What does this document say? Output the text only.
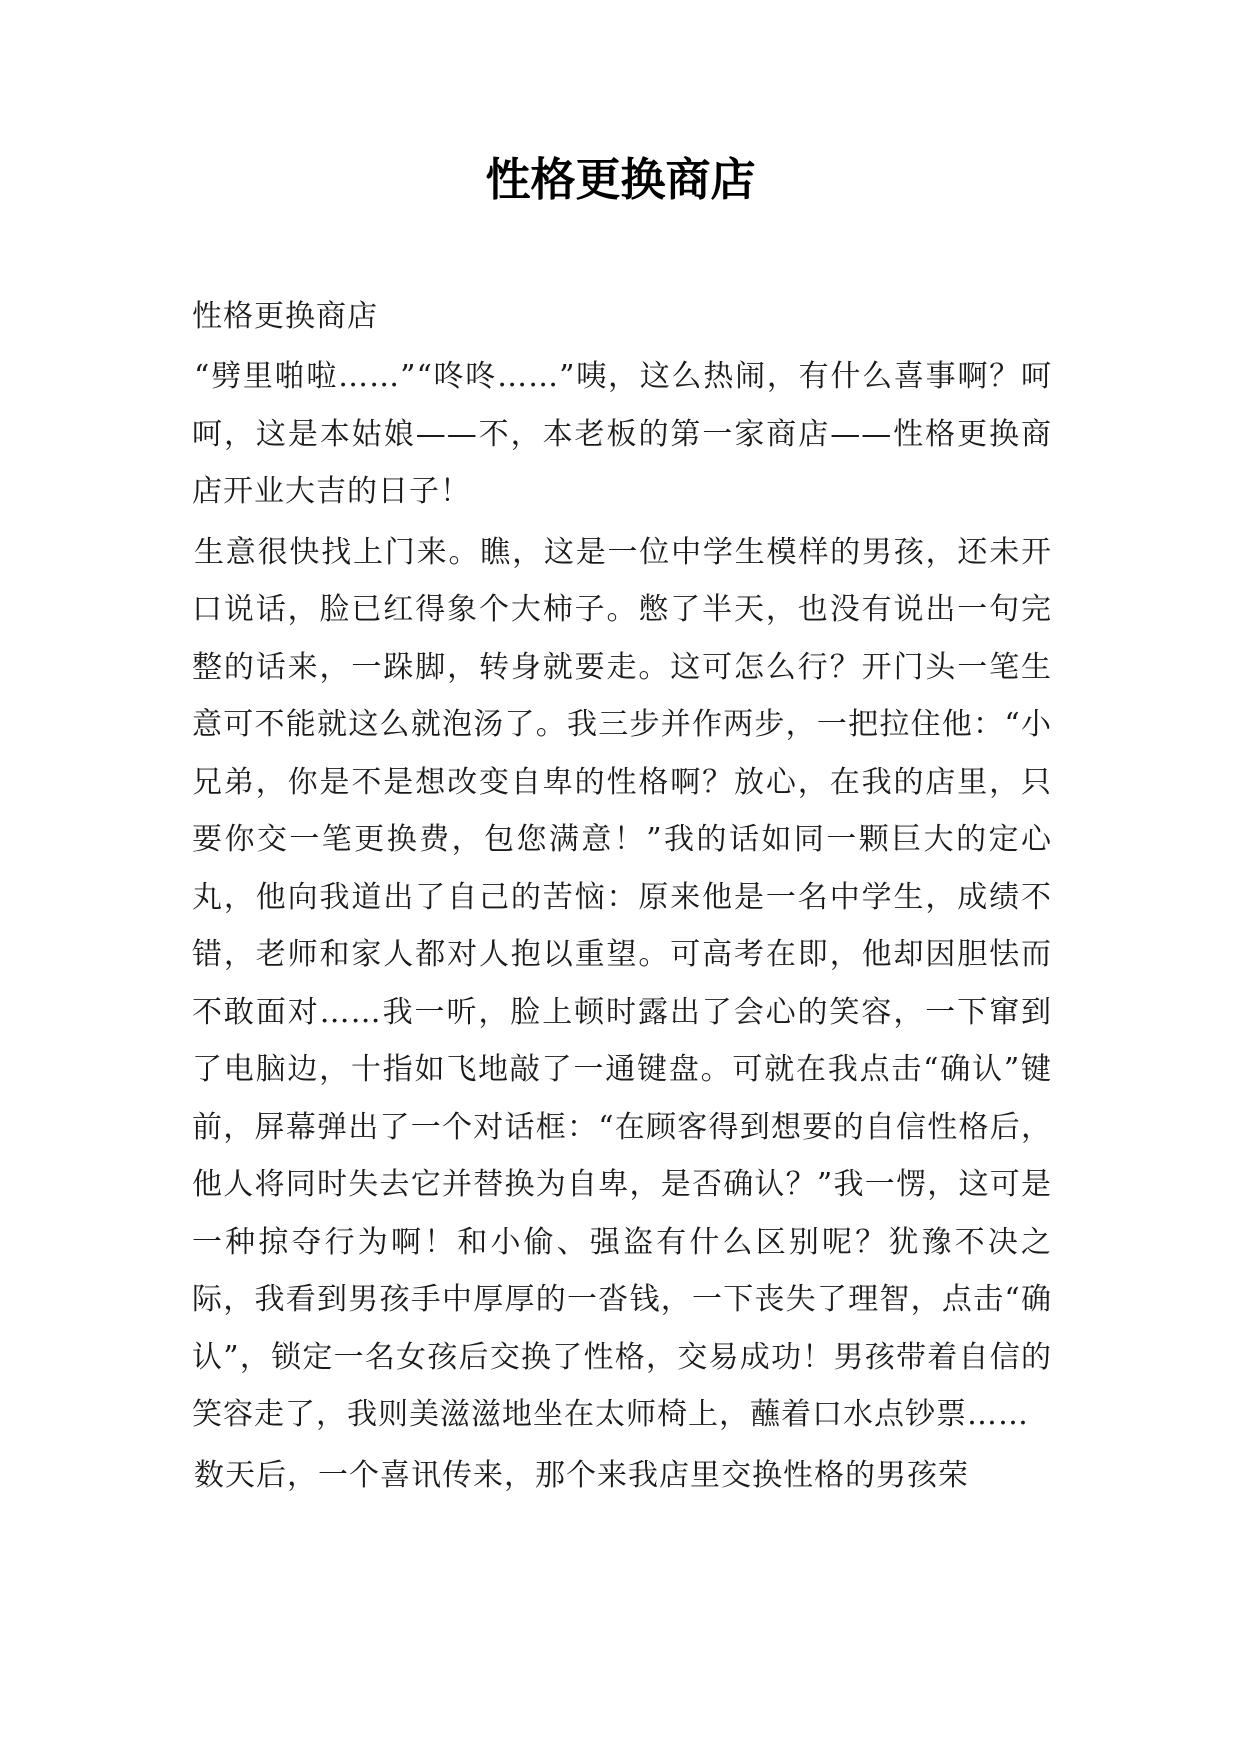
性格更换商店

性格更换商店

“劈里啪啦……”“咚咚……”咦，这么热闹，有什么喜事啊？呵呵，这是本姑娘——不，本老板的第一家商店——性格更换商店开业大吉的日子！

生意很快找上门来。瞧，这是一位中学生模样的男孩，还未开口说话，脸已红得象个大柿子。憋了半天，也没有说出一句完整的话来，一跺脚，转身就要走。这可怎么行？开门头一笔生意可不能就这么就泡汤了。我三步并作两步，一把拉住他：“小兄弟，你是不是想改变自卑的性格啊？放心，在我的店里，只要你交一笔更换费，包您满意！”我的话如同一颗巨大的定心丸，他向我道出了自己的苦恼：原来他是一名中学生，成绩不错，老师和家人都对人抱以重望。可高考在即，他却因胆怯而不敢面对……我一听，脸上顿时露出了会心的笑容，一下窜到了电脑边，十指如飞地敲了一通键盘。可就在我点击“确认”键前，屏幕弹出了一个对话框：“在顾客得到想要的自信性格后，他人将同时失去它并替换为自卑，是否确认？”我一愣，这可是一种掠夺行为啊！和小偷、强盗有什么区别呢？犹豫不决之际，我看到男孩手中厚厚的一沓钱，一下丧失了理智，点击“确认”，锁定一名女孩后交换了性格，交易成功！男孩带着自信的笑容走了，我则美滋滋地坐在太师椅上，蘸着口水点钞票……

数天后，一个喜讯传来，那个来我店里交换性格的男孩荣
